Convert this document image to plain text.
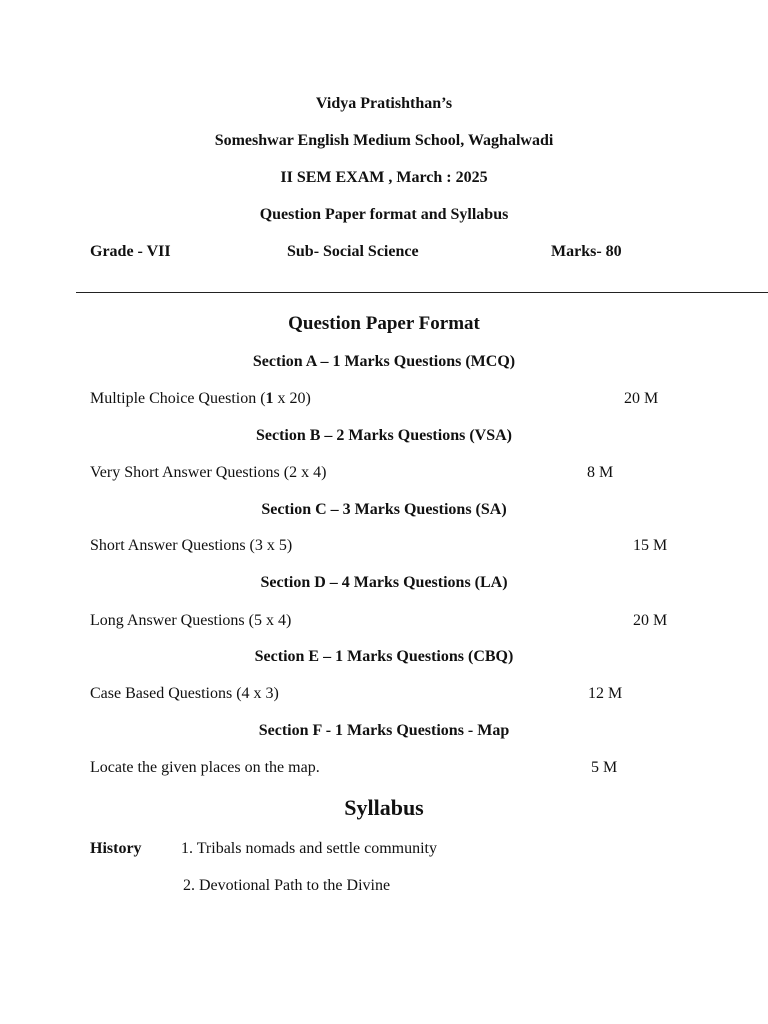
Vidya Pratishthan’s
Someshwar English Medium School, Waghalwadi
II SEM EXAM , March : 2025
Question Paper format and Syllabus
Grade - VII	Sub- Social Science	Marks- 80
Question Paper Format
Section A – 1 Marks Questions (MCQ)
Multiple Choice Question (1 x 20)	20 M
Section B – 2 Marks Questions (VSA)
Very Short Answer Questions (2 x 4)	8 M
Section C – 3 Marks Questions (SA)
Short Answer Questions (3 x 5)	15 M
Section D – 4 Marks Questions (LA)
Long Answer Questions (5 x 4)	20 M
Section E – 1 Marks Questions (CBQ)
Case Based Questions (4 x 3)	12 M
Section F - 1 Marks Questions - Map
Locate the given places on the map.	5 M
Syllabus
History 1. Tribals nomads and settle community
2. Devotional Path to the Divine
